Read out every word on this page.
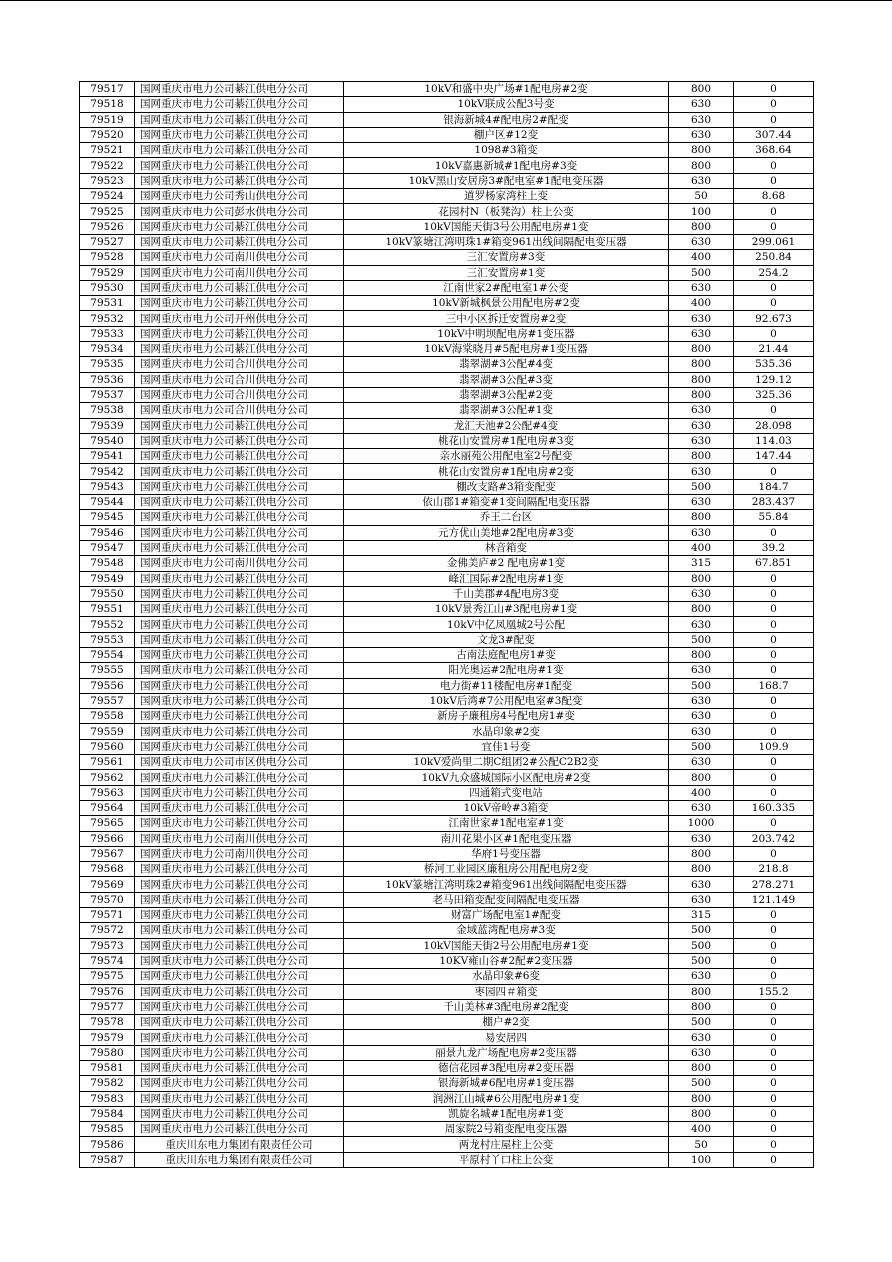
79517	国网重庆市电力公司綦江供电分公司	10kV和盛中央广场#1配电房#2变	800	0
79518	国网重庆市电力公司綦江供电分公司	10kV联成公配3号变	630	0
79519	国网重庆市电力公司綦江供电分公司	银海新城4#配电房2#配变	630	0
79520	国网重庆市电力公司綦江供电分公司	棚户区#12变	630	307.44
79521	国网重庆市电力公司綦江供电分公司	1098#3箱变	800	368.64
79522	国网重庆市电力公司綦江供电分公司	10kV嘉惠新城#1配电房#3变	800	0
79523	国网重庆市电力公司綦江供电分公司	10kV黑山安居房3#配电室#1配电变压器	630	0
79524	国网重庆市电力公司秀山供电分公司	道罗杨家湾柱上变	50	8.68
79525	国网重庆市电力公司彭水供电分公司	花园村N（板凳沟）柱上公变	100	0
79526	国网重庆市电力公司綦江供电分公司	10kV国能天街3号公用配电房#1变	800	0
79527	国网重庆市电力公司綦江供电分公司	10kV篆塘江湾明珠1#箱变961出线间隔配电变压器	630	299.061
79528	国网重庆市电力公司南川供电分公司	三汇安置房#3变	400	250.84
79529	国网重庆市电力公司南川供电分公司	三汇安置房#1变	500	254.2
79530	国网重庆市电力公司綦江供电分公司	江南世家2#配电室1#公变	630	0
79531	国网重庆市电力公司綦江供电分公司	10kV新城枫景公用配电房#2变	400	0
79532	国网重庆市电力公司开州供电分公司	三中小区拆迁安置房#2变	630	92.673
79533	国网重庆市电力公司綦江供电分公司	10kV中明坝配电房#1变压器	630	0
79534	国网重庆市电力公司綦江供电分公司	10kV海棠晓月#5配电房#1变压器	800	21.44
79535	国网重庆市电力公司合川供电分公司	翡翠湖#3公配#4变	800	535.36
79536	国网重庆市电力公司合川供电分公司	翡翠湖#3公配#3变	800	129.12
79537	国网重庆市电力公司合川供电分公司	翡翠湖#3公配#2变	800	325.36
79538	国网重庆市电力公司合川供电分公司	翡翠湖#3公配#1变	630	0
79539	国网重庆市电力公司綦江供电分公司	龙汇天池#2公配#4变	630	28.098
79540	国网重庆市电力公司綦江供电分公司	桃花山安置房#1配电房#3变	630	114.03
79541	国网重庆市电力公司綦江供电分公司	亲水丽苑公用配电室2号配变	800	147.44
79542	国网重庆市电力公司綦江供电分公司	桃花山安置房#1配电房#2变	630	0
79543	国网重庆市电力公司綦江供电分公司	棚改支路#3箱变配变	500	184.7
79544	国网重庆市电力公司綦江供电分公司	依山郡1#箱变#1变间隔配电变压器	630	283.437
79545	国网重庆市电力公司綦江供电分公司	乔王二台区	800	55.84
79546	国网重庆市电力公司綦江供电分公司	元方优山美地#2配电房#3变	630	0
79547	国网重庆市电力公司綦江供电分公司	林音箱变	400	39.2
79548	国网重庆市电力公司南川供电分公司	金佛美庐#2 配电房#1变	315	67.851
79549	国网重庆市电力公司綦江供电分公司	峰汇国际#2配电房#1变	800	0
79550	国网重庆市电力公司綦江供电分公司	千山美郡#4配电房3变	630	0
79551	国网重庆市电力公司綦江供电分公司	10kV景秀江山#3配电房#1变	800	0
79552	国网重庆市电力公司綦江供电分公司	10kV中亿凤凰城2号公配	630	0
79553	国网重庆市电力公司綦江供电分公司	文龙3#配变	500	0
79554	国网重庆市电力公司綦江供电分公司	古南法庭配电房1#变	800	0
79555	国网重庆市电力公司綦江供电分公司	阳光奥运#2配电房#1变	630	0
79556	国网重庆市电力公司綦江供电分公司	电力街#11楼配电房#1配变	500	168.7
79557	国网重庆市电力公司綦江供电分公司	10kV后湾#7公用配电室#3配变	630	0
79558	国网重庆市电力公司綦江供电分公司	新房子廉租房4号配电房1#变	630	0
79559	国网重庆市电力公司綦江供电分公司	水晶印象#2变	630	0
79560	国网重庆市电力公司綦江供电分公司	宜佳1号变	500	109.9
79561	国网重庆市电力公司市区供电分公司	10kV爱尚里二期C组团2#公配C2B2变	630	0
79562	国网重庆市电力公司綦江供电分公司	10kV九众盛城国际小区配电房#2变	800	0
79563	国网重庆市电力公司綦江供电分公司	四通箱式变电站	400	0
79564	国网重庆市电力公司綦江供电分公司	10kV帝岭#3箱变	630	160.335
79565	国网重庆市电力公司綦江供电分公司	江南世家#1配电室#1变	1000	0
79566	国网重庆市电力公司南川供电分公司	南川花果小区#1配电变压器	630	203.742
79567	国网重庆市电力公司南川供电分公司	华府1号变压器	800	0
79568	国网重庆市电力公司綦江供电分公司	桥河工业园区廉租房公用配电房2变	800	218.8
79569	国网重庆市电力公司綦江供电分公司	10kV篆塘江湾明珠2#箱变961出线间隔配电变压器	630	278.271
79570	国网重庆市电力公司綦江供电分公司	老马田箱变配变间隔配电变压器	630	121.149
79571	国网重庆市电力公司綦江供电分公司	财富广场配电室1#配变	315	0
79572	国网重庆市电力公司綦江供电分公司	金域蓝湾配电房#3变	500	0
79573	国网重庆市电力公司綦江供电分公司	10kV国能天街2号公用配电房#1变	500	0
79574	国网重庆市电力公司綦江供电分公司	10KV雍山谷#2配#2变压器	500	0
79575	国网重庆市电力公司綦江供电分公司	水晶印象#6变	630	0
79576	国网重庆市电力公司綦江供电分公司	枣园四＃箱变	800	155.2
79577	国网重庆市电力公司綦江供电分公司	千山美林#3配电房#2配变	800	0
79578	国网重庆市电力公司綦江供电分公司	棚户#2变	500	0
79579	国网重庆市电力公司綦江供电分公司	易安居四	630	0
79580	国网重庆市电力公司綦江供电分公司	丽景九龙广场配电房#2变压器	630	0
79581	国网重庆市电力公司綦江供电分公司	德信花园#3配电房#2变压器	800	0
79582	国网重庆市电力公司綦江供电分公司	银海新城#6配电房#1变压器	500	0
79583	国网重庆市电力公司綦江供电分公司	润洲江山城#6公用配电房#1变	800	0
79584	国网重庆市电力公司綦江供电分公司	凯旋名城#1配电房#1变	800	0
79585	国网重庆市电力公司綦江供电分公司	周家院2号箱变配电变压器	400	0
79586	重庆川东电力集团有限责任公司	两龙村庄屋柱上公变	50	0
79587	重庆川东电力集团有限责任公司	平原村丫口柱上公变	100	0
